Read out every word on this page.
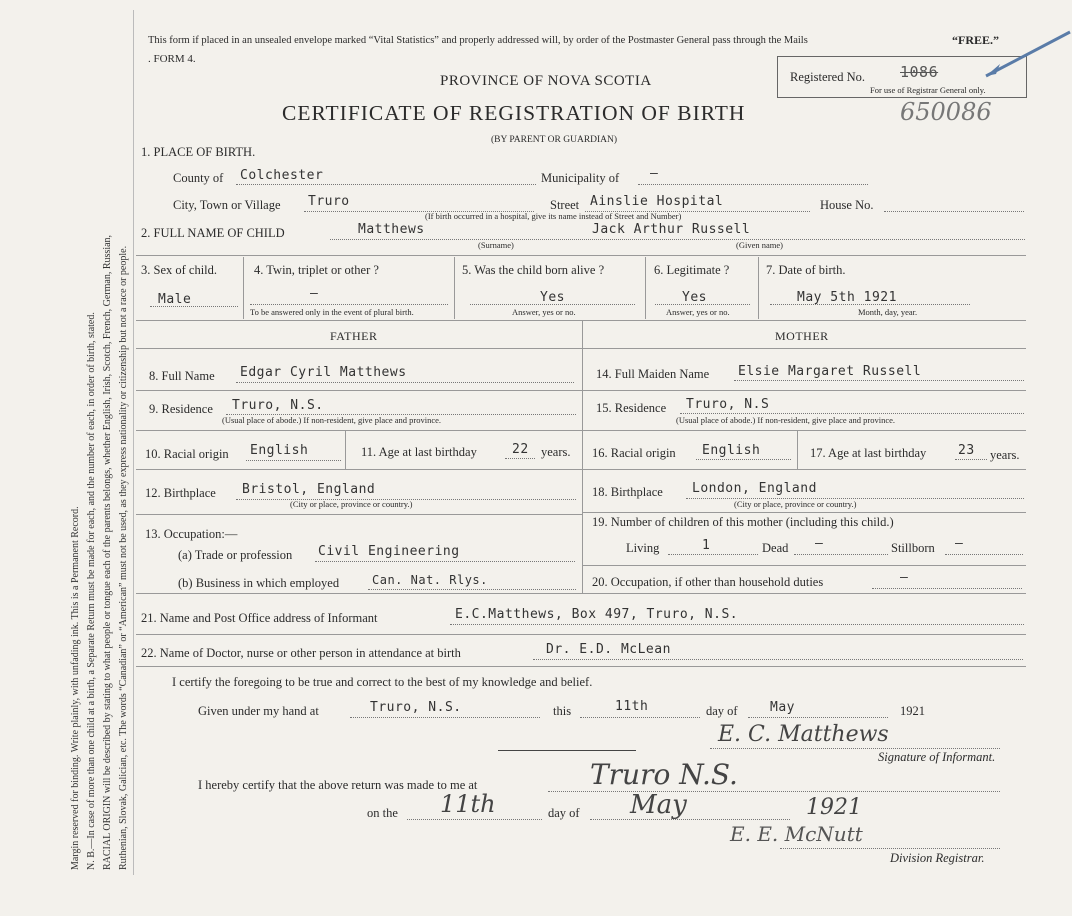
Margin reserved for binding. Write plainly, with unfading ink. This is a Permanent Record. N. B.—In case of more than one child at a birth, a Separate Return must be made for each, and the number of each, in order of birth, stated. RACIAL ORIGIN will be described by stating to what people or tongue each of the parents belongs, whether English, Irish, Scotch, French, German, Russian, Ruthenian, Slovak, Galician, etc. The words “Canadian” or “American” must not be used, as they express nationality or citizenship but not a race or people.
This form if placed in an unsealed envelope marked “Vital Statistics” and properly addressed will, by order of the Postmaster General pass through the Mails	“FREE.”
. FORM 4.
PROVINCE OF NOVA SCOTIA
CERTIFICATE OF REGISTRATION OF BIRTH
(BY PARENT OR GUARDIAN)
Registered No. 1086
For use of Registrar General only.
650086
1. PLACE OF BIRTH.
County of Colchester	Municipality of —
City, Town or Village Truro	Street Ainslie Hospital	House No.
(If birth occurred in a hospital, give its name instead of Street and Number)
2. FULL NAME OF CHILD	Matthews
(Surname)
Jack Arthur Russell
(Given name)
3. Sex of child.
Male
4. Twin, triplet or other ?
—
To be answered only in the event of plural birth.
5. Was the child born alive ?
Yes
Answer, yes or no.
6. Legitimate ?
Yes
Answer, yes or no.
7. Date of birth.
May 5th 1921
Month, day, year.
FATHER	MOTHER
8. Full Name Edgar Cyril Matthews
9. Residence Truro, N.S.
(Usual place of abode.) If non-resident, give place and province.
10. Racial origin English	11. Age at last birthday	22 years.
12. Birthplace Bristol, England
(City or place, province or country.)
13. Occupation:—
(a) Trade or profession Civil Engineering
(b) Business in which employed	Can. Nat. Rlys.
14. Full Maiden Name Elsie Margaret Russell
15. Residence Truro, N.S
(Usual place of abode.) If non-resident, give place and province.
16. Racial origin English	17. Age at last birthday 23 years.
18. Birthplace London, England
(City or place, province or country.)
19. Number of children of this mother (including this child.)
Living	1	Dead —	Stillborn —
20. Occupation, if other than household duties	—
21. Name and Post Office address of Informant	E.C.Matthews, Box 497, Truro, N.S.
22. Name of Doctor, nurse or other person in attendance at birth	Dr. E.D. McLean
I certify the foregoing to be true and correct to the best of my knowledge and belief.
Given under my hand at	Truro, N.S.	this	11th	day of May	1921
E. C. Matthews
Signature of Informant.
I hereby certify that the above return was made to me at	Truro N.S.
on the 11th	day of May	1921
E. E. McNutt
Division Registrar.
